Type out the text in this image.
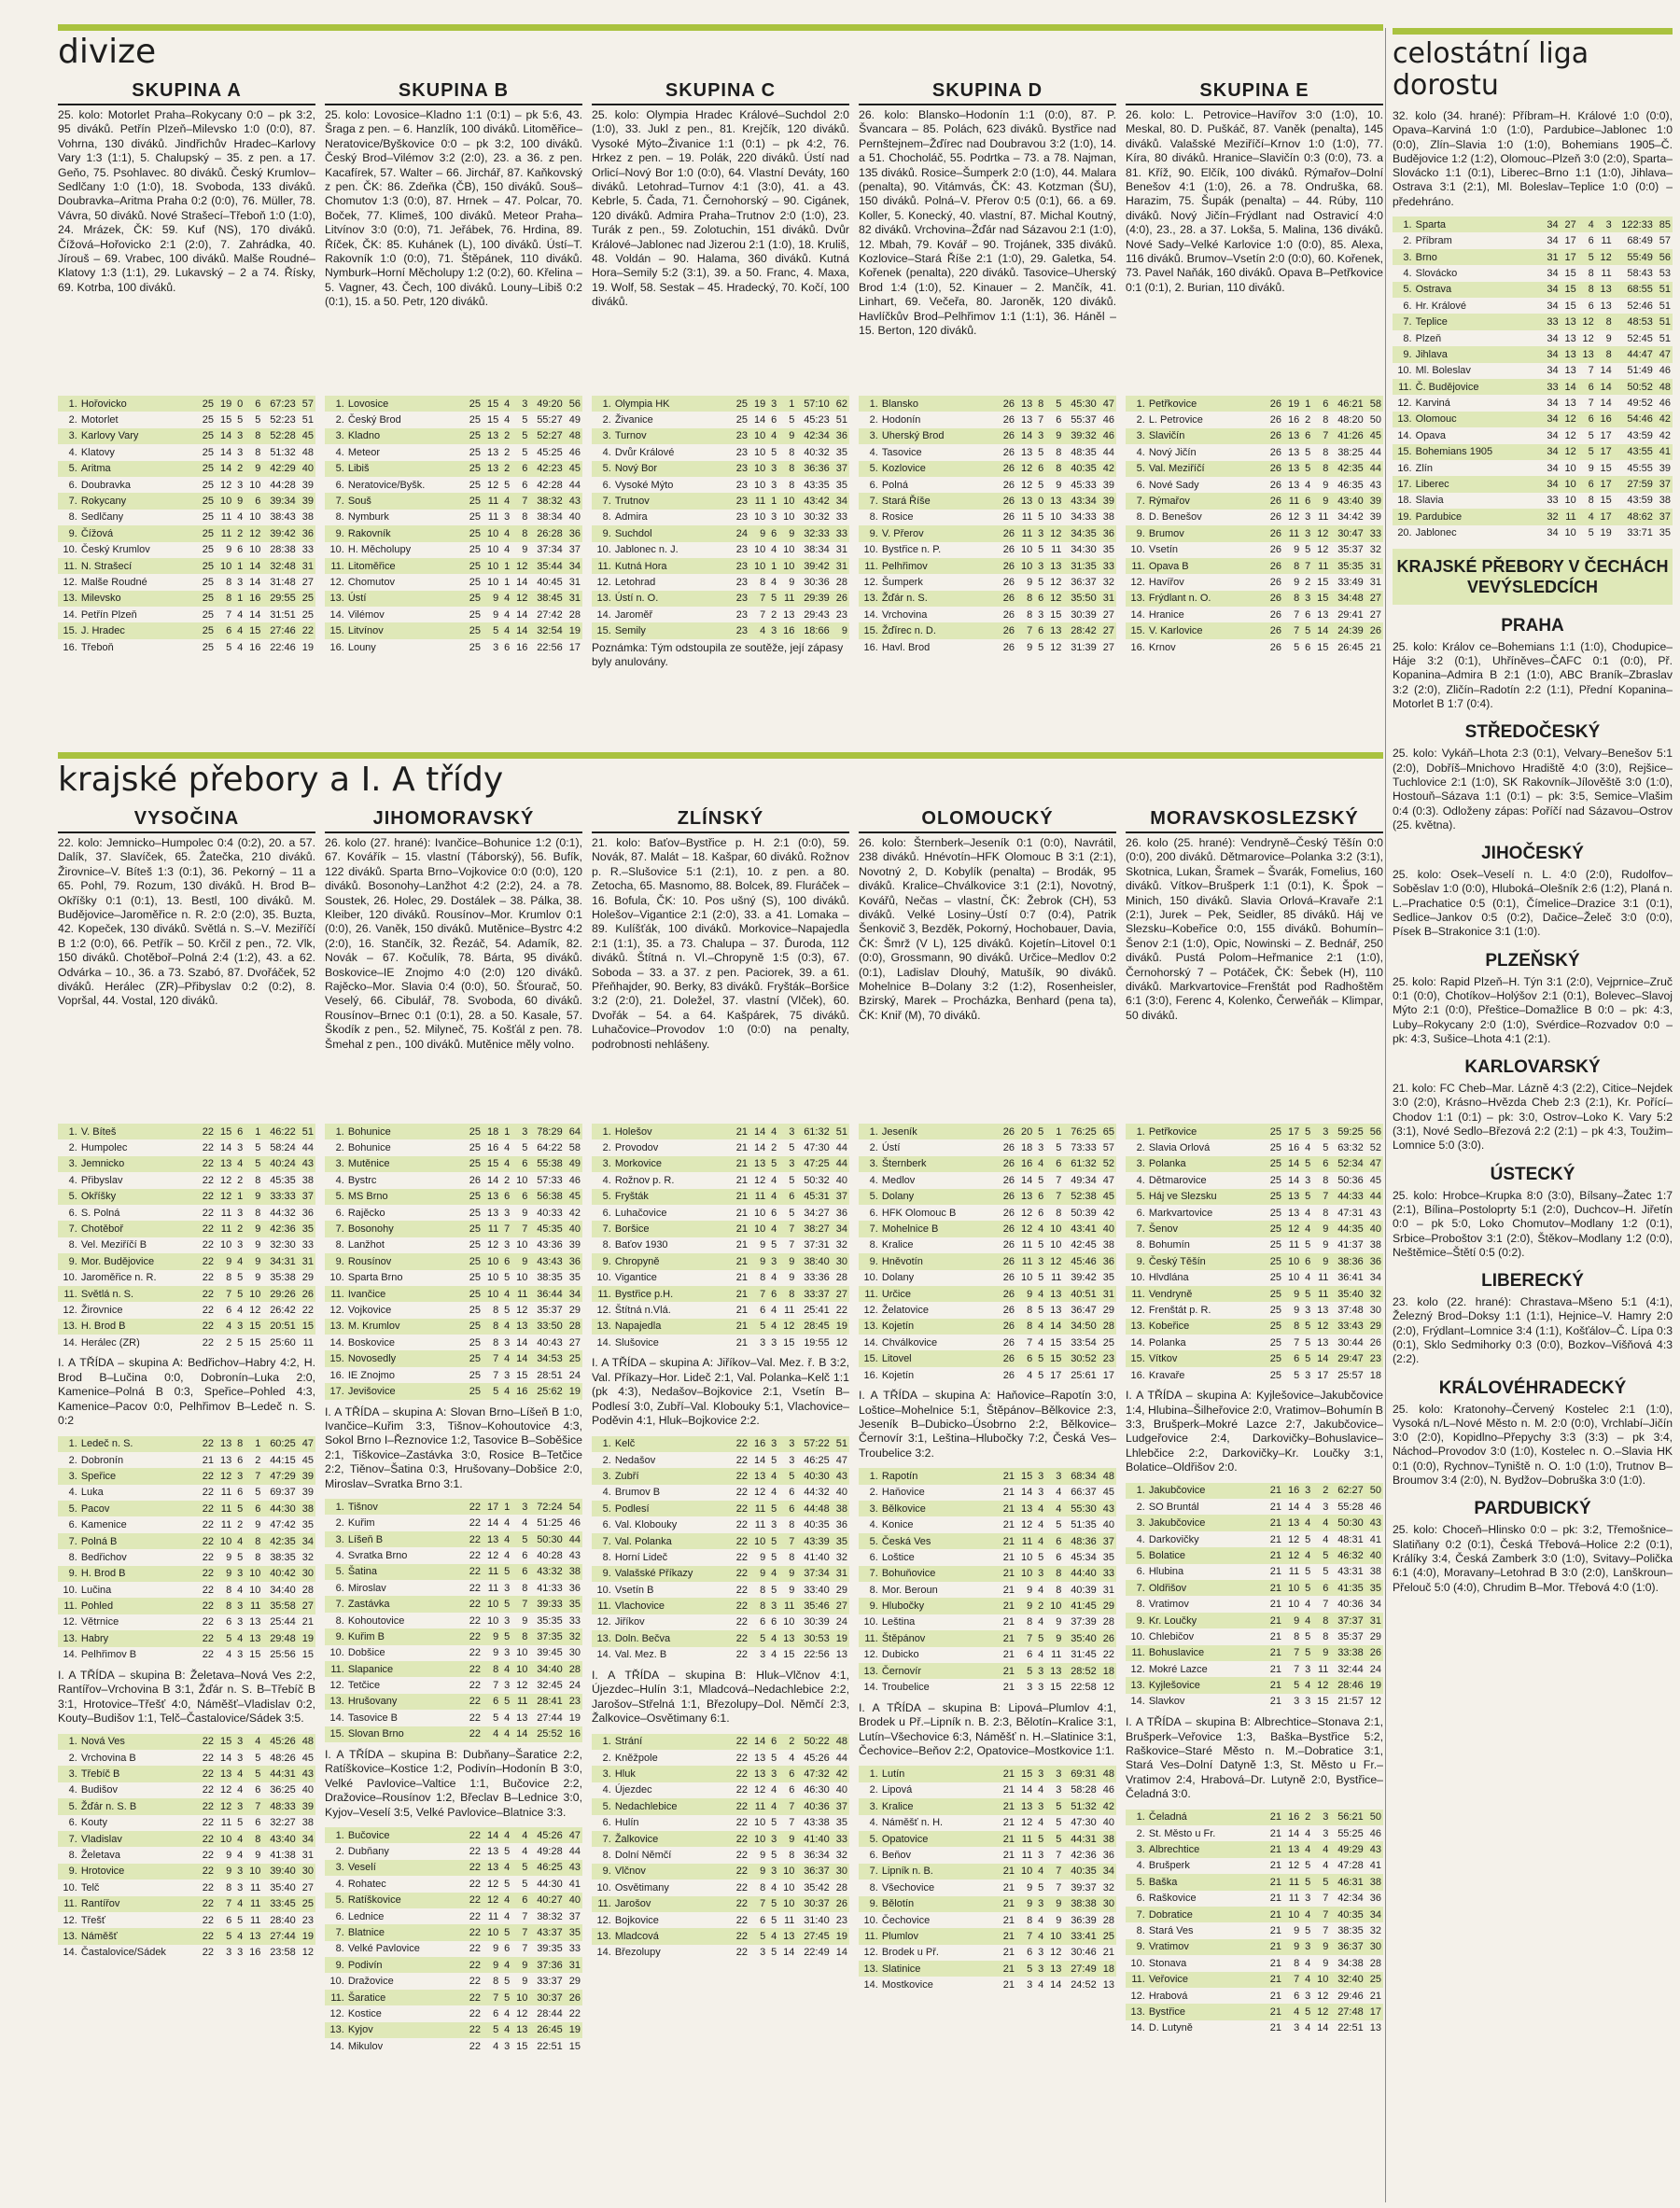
divize
SKUPINA A
25. kolo: Motorlet Praha–Rokycany 0:0 – pk 3:2, 95 diváků. Petřín Plzeň–Milevsko 1:0 (0:0), 87. Vohrna, 130 diváků. Jindřichův Hradec–Karlovy Vary 1:3 (1:1), 5. Chalupský – 35. z pen. a 17. Geňo, 75. Psohlavec. 80 diváků. Český Krumlov–Sedlčany 1:0 (1:0), 18. Svoboda, 133 diváků. Doubravka–Aritma Praha 0:2 (0:0), 76. Müller, 78. Vávra, 50 diváků. Nové Strašecí–Třeboň 1:0 (1:0), 24. Mrázek, ČK: 59. Kuf (NS), 170 diváků. Čížová–Hořovicko 2:1 (2:0), 7. Zahrádka, 40. Jírouš – 69. Vrabec, 100 diváků. Malše Roudné–Klatovy 1:3 (1:1), 29. Lukavský – 2 a 74. Řísky, 69. Kotrba, 100 diváků.
1.	Hořovicko	25	19	0	6	67:23	57
2.	Motorlet	25	15	5	5	52:23	51
3.	Karlovy Vary	25	14	3	8	52:28	45
4.	Klatovy	25	14	3	8	51:32	48
5.	Aritma	25	14	2	9	42:29	40
6.	Doubravka	25	12	3	10	44:28	39
7.	Rokycany	25	10	9	6	39:34	39
8.	Sedlčany	25	11	4	10	38:43	38
9.	Čížová	25	11	2	12	39:42	36
10.	Český Krumlov	25	9	6	10	28:38	33
11.	N. Strašecí	25	10	1	14	32:48	31
12.	Malše Roudné	25	8	3	14	31:48	27
13.	Milevsko	25	8	1	16	29:55	25
14.	Petřín Plzeň	25	7	4	14	31:51	25
15.	J. Hradec	25	6	4	15	27:46	22
16.	Třeboň	25	5	4	16	22:46	19
SKUPINA B
25. kolo: Lovosice–Kladno 1:1 (0:1) – pk 5:6, 43. Šraga z pen. – 6. Hanzlík, 100 diváků. Litoměřice–Neratovice/Byškovice 0:0 – pk 3:2, 100 diváků. Český Brod–Vilémov 3:2 (2:0), 23. a 36. z pen. Kacafírek, 57. Walter – 66. Jirchář, 87. Kaňkovský z pen. ČK: 86. Zdeňka (ČB), 150 diváků. Souš–Chomutov 1:3 (0:0), 87. Hrnek – 47. Polcar, 70. Boček, 77. Klimeš, 100 diváků. Meteor Praha–Litvínov 3:0 (0:0), 71. Jeřábek, 76. Hrdina, 89. Říček, ČK: 85. Kuhánek (L), 100 diváků. Ústí–T. Rakovník 1:0 (0:0), 71. Štěpánek, 110 diváků. Nymburk–Horní Měcholupy 1:2 (0:2), 60. Křelina – 5. Vagner, 43. Čech, 100 diváků. Louny–Libiš 0:2 (0:1), 15. a 50. Petr, 120 diváků.
1.	Lovosice	25	15	4	3	49:20	56
2.	Český Brod	25	15	4	5	55:27	49
3.	Kladno	25	13	2	5	52:27	48
4.	Meteor	25	13	2	5	45:25	46
5.	Libiš	25	13	2	6	42:23	45
6.	Neratovice/Byšk.	25	12	5	6	42:28	44
7.	Souš	25	11	4	7	38:32	43
8.	Nymburk	25	11	3	8	38:34	40
9.	Rakovník	25	10	4	8	26:28	36
10.	H. Měcholupy	25	10	4	9	37:34	37
11.	Litoměřice	25	10	1	12	35:44	34
12.	Chomutov	25	10	1	14	40:45	31
13.	Ústí	25	9	4	12	38:45	31
14.	Vilémov	25	9	4	14	27:42	28
15.	Litvínov	25	5	4	14	32:54	19
16.	Louny	25	3	6	16	22:56	17
SKUPINA C
25. kolo: Olympia Hradec Králové–Suchdol 2:0 (1:0), 33. Jukl z pen., 81. Krejčík, 120 diváků. Vysoké Mýto–Živanice 1:1 (0:1) – pk 4:2, 76. Hrkez z pen. – 19. Polák, 220 diváků. Ústí nad Orlicí–Nový Bor 1:0 (0:0), 64. Vlastní Deváty, 160 diváků. Letohrad–Turnov 4:1 (3:0), 41. a 43. Kebrle, 5. Čada, 71. Černohorský – 90. Cigánek, 120 diváků. Admira Praha–Trutnov 2:0 (1:0), 23. Turák z pen., 59. Zolotuchin, 151 diváků. Dvůr Králové–Jablonec nad Jizerou 2:1 (1:0), 18. Kruliš, 48. Voldán – 90. Halama, 360 diváků. Kutná Hora–Semily 5:2 (3:1), 39. a 50. Franc, 4. Maxa, 19. Wolf, 58. Sestak – 45. Hradecký, 70. Kočí, 100 diváků.
1.	Olympia HK	25	19	3	1	57:10	62
2.	Živanice	25	14	6	5	45:23	51
3.	Turnov	23	10	4	9	42:34	36
4.	Dvůr Králové	23	10	5	8	40:32	35
5.	Nový Bor	23	10	3	8	36:36	37
6.	Vysoké Mýto	23	10	3	8	43:35	35
7.	Trutnov	23	11	1	10	43:42	34
8.	Admira	23	10	3	10	30:32	33
9.	Suchdol	24	9	6	9	32:33	33
10.	Jablonec n. J.	23	10	4	10	38:34	31
11.	Kutná Hora	23	10	1	10	39:42	31
12.	Letohrad	23	8	4	9	30:36	28
13.	Ústí n. O.	23	7	5	11	29:39	26
14.	Jaroměř	23	7	2	13	29:43	23
15.	Semily	23	4	3	16	18:66	9
Poznámka: Tým odstoupila ze soutěže, její zápasy byly anulovány.
SKUPINA D
26. kolo: Blansko–Hodonín 1:1 (0:0), 87. P. Švancara – 85. Polách, 623 diváků. Bystřice nad Pernštejnem–Žďírec nad Doubravou 3:2 (1:0), 14. a 51. Chocholáč, 55. Podrtka – 73. a 78. Najman, 135 diváků. Rosice–Šumperk 2:0 (1:0), 44. Malara (penalta), 90. Vitámvás, ČK: 43. Kotzman (ŠU), 150 diváků. Polná–V. Přerov 0:5 (0:1), 66. a 69. Koller, 5. Konecký, 40. vlastní, 87. Michal Koutný, 82 diváků. Vrchovina–Žďár nad Sázavou 2:1 (1:0), 12. Mbah, 79. Kovář – 90. Trojánek, 335 diváků. Kozlovice–Stará Říše 2:1 (1:0), 29. Galetka, 54. Kořenek (penalta), 220 diváků. Tasovice–Uherský Brod 1:4 (1:0), 52. Kinauer – 2. Mančík, 41. Linhart, 69. Večeřa, 80. Jaroněk, 120 diváků. Havlíčkův Brod–Pelhřimov 1:1 (1:1), 36. Háněl – 15. Berton, 120 diváků.
1.	Blansko	26	13	8	5	45:30	47
2.	Hodonín	26	13	7	6	55:37	46
3.	Uherský Brod	26	14	3	9	39:32	46
4.	Tasovice	26	13	5	8	48:35	44
5.	Kozlovice	26	12	6	8	40:35	42
6.	Polná	26	12	5	9	45:33	39
7.	Stará Říše	26	13	0	13	43:34	39
8.	Rosice	26	11	5	10	34:33	38
9.	V. Přerov	26	11	3	12	34:35	36
10.	Bystřice n. P.	26	10	5	11	34:30	35
11.	Pelhřimov	26	10	3	13	31:35	33
12.	Šumperk	26	9	5	12	36:37	32
13.	Žďár n. S.	26	8	6	12	35:50	31
14.	Vrchovina	26	8	3	15	30:39	27
15.	Žďírec n. D.	26	7	6	13	28:42	27
16.	Havl. Brod	26	9	5	12	31:39	27
SKUPINA E
26. kolo: L. Petrovice–Havířov 3:0 (1:0), 10. Meskal, 80. D. Puškáč, 87. Vaněk (penalta), 145 diváků. Valašské Meziříčí–Krnov 1:0 (1:0), 77. Kíra, 80 diváků. Hranice–Slavičín 0:3 (0:0), 73. a 81. Kříž, 90. Elčík, 100 diváků. Rýmařov–Dolní Benešov 4:1 (1:0), 26. a 78. Ondruška, 68. Harazim, 75. Šupák (penalta) – 44. Rúby, 110 diváků. Nový Jičín–Frýdlant nad Ostravicí 4:0 (4:0), 23., 28. a 37. Lokša, 5. Malina, 136 diváků. Nové Sady–Velké Karlovice 1:0 (0:0), 85. Alexa, 116 diváků. Brumov–Vsetín 2:0 (0:0), 60. Kořenek, 73. Pavel Naňák, 160 diváků. Opava B–Petřkovice 0:1 (0:1), 2. Burian, 110 diváků.
1.	Petřkovice	26	19	1	6	46:21	58
2.	L. Petrovice	26	16	2	8	48:20	50
3.	Slavičín	26	13	6	7	41:26	45
4.	Nový Jičín	26	13	5	8	38:25	44
5.	Val. Meziříčí	26	13	5	8	42:35	44
6.	Nové Sady	26	13	4	9	46:35	43
7.	Rýmařov	26	11	6	9	43:40	39
8.	D. Benešov	26	12	3	11	34:42	39
9.	Brumov	26	11	3	12	30:47	33
10.	Vsetín	26	9	5	12	35:37	32
11.	Opava B	26	8	7	11	35:35	31
12.	Havířov	26	9	2	15	33:49	31
13.	Frýdlant n. O.	26	8	3	15	34:48	27
14.	Hranice	26	7	6	13	29:41	27
15.	V. Karlovice	26	7	5	14	24:39	26
16.	Krnov	26	5	6	15	26:45	21
krajské přebory a I. A třídy
VYSOČINA
22. kolo: Jemnicko–Humpolec 0:4 (0:2), 20. a 57. Dalík, 37. Slavíček, 65. Žatečka, 210 diváků. Žirovnice–V. Bíteš 1:3 (0:1), 36. Pekorný – 11 a 65. Pohl, 79. Rozum, 130 diváků. H. Brod B–Okříšky 0:1 (0:1), 13. Bestl, 100 diváků. M. Budějovice–Jaroměřice n. R. 2:0 (2:0), 35. Buzta, 42. Kopeček, 130 diváků. Světlá n. S.–V. Meziříčí B 1:2 (0:0), 66. Petřík – 50. Krčil z pen., 72. Vlk, 150 diváků. Chotěboř–Polná 2:4 (1:2), 43. a 62. Odvárka – 10., 36. a 73. Szabó, 87. Dvořáček, 52 diváků. Herálec (ZR)–Přibyslav 0:2 (0:2), 8. Vopršal, 44. Vostal, 120 diváků.
1.	V. Bíteš	22	15	6	1	46:22	51
2.	Humpolec	22	14	3	5	58:24	44
3.	Jemnicko	22	13	4	5	40:24	43
4.	Přibyslav	22	12	2	8	45:35	38
5.	Okříšky	22	12	1	9	33:33	37
6.	S. Polná	22	11	3	8	44:32	36
7.	Chotěboř	22	11	2	9	42:36	35
8.	Vel. Meziříčí B	22	10	3	9	32:30	33
9.	Mor. Budějovice	22	9	4	9	34:31	31
10.	Jaroměřice n. R.	22	8	5	9	35:38	29
11.	Světlá n. S.	22	7	5	10	29:26	26
12.	Žirovnice	22	6	4	12	26:42	22
13.	H. Brod B	22	4	3	15	20:51	15
14.	Herálec (ZR)	22	2	5	15	25:60	11
I. A TŘÍDA – skupina A: Bedřichov–Habry 4:2, H. Brod B–Lučina 0:0, Dobronín–Luka 2:0, Kamenice–Polná B 0:3, Speřice–Pohled 4:3, Kamenice–Pacov 0:0, Pelhřimov B–Ledeč n. S. 0:2
1.	Ledeč n. S.	22	13	8	1	60:25	47
2.	Dobronín	21	13	6	2	44:15	45
3.	Speřice	22	12	3	7	47:29	39
4.	Luka	22	11	6	5	69:37	39
5.	Pacov	22	11	5	6	44:30	38
6.	Kamenice	22	11	2	9	47:42	35
7.	Polná B	22	10	4	8	42:35	34
8.	Bedřichov	22	9	5	8	38:35	32
9.	H. Brod B	22	9	3	10	40:42	30
10.	Lučina	22	8	4	10	34:40	28
11.	Pohled	22	8	3	11	35:58	27
12.	Větrnice	22	6	3	13	25:44	21
13.	Habry	22	5	4	13	29:48	19
14.	Pelhřimov B	22	4	3	15	25:56	15
I. A TŘÍDA – skupina B: Želetava–Nová Ves 2:2, Rantířov–Vrchovina B 3:1, Žďár n. S. B–Třebíč B 3:1, Hrotovice–Třešť 4:0, Náměšť–Vladislav 0:2, Kouty–Budišov 1:1, Telč–Častalovice/Sádek 3:5.
1.	Nová Ves	22	15	3	4	45:26	48
2.	Vrchovina B	22	14	3	5	48:26	45
3.	Třebíč B	22	13	4	5	44:31	43
4.	Budišov	22	12	4	6	36:25	40
5.	Žďár n. S. B	22	12	3	7	48:33	39
6.	Kouty	22	11	5	6	32:27	38
7.	Vladislav	22	10	4	8	43:40	34
8.	Želetava	22	9	4	9	41:38	31
9.	Hrotovice	22	9	3	10	39:40	30
10.	Telč	22	8	3	11	35:40	27
11.	Rantířov	22	7	4	11	33:45	25
12.	Třešť	22	6	5	11	28:40	23
13.	Náměšť	22	5	4	13	27:44	19
14.	Častalovice/Sádek	22	3	3	16	23:58	12
JIHOMORAVSKÝ
26. kolo (27. hrané): Ivančice–Bohunice 1:2 (0:1), 67. Kovářík – 15. vlastní (Táborský), 56. Bufík, 122 diváků. Sparta Brno–Vojkovice 0:0 (0:0), 120 diváků. Bosonohy–Lanžhot 4:2 (2:2), 24. a 78. Soustek, 26. Holec, 29. Dostálek – 38. Pálka, 38. Kleiber, 120 diváků. Rousínov–Mor. Krumlov 0:1 (0:0), 26. Vaněk, 150 diváků. Mutěnice–Bystrc 4:2 (2:0), 16. Stančík, 32. Řezáč, 54. Adamík, 82. Novák – 67. Kočulík, 78. Bárta, 95 diváků. Boskovice–IE Znojmo 4:0 (2:0) 120 diváků. Rajěcko–Mor. Slavia 0:4 (0:0), 50. Šťourač, 50. Veselý, 66. Cibulář, 78. Svoboda, 60 diváků. Rousínov–Brnec 0:1 (0:1), 28. a 50. Kasale, 57. Škodík z pen., 52. Milyneč, 75. Košťál z pen. 78. Šmehal z pen., 100 diváků. Mutěnice měly volno.
1.	Bohunice	25	18	1	3	78:29	64
2.	Bohunice	25	16	4	5	64:22	58
3.	Mutěnice	25	15	4	6	55:38	49
4.	Bystrc	26	14	2	10	57:33	46
5.	MS Brno	25	13	6	6	56:38	45
6.	Rajěcko	25	13	3	9	40:33	42
7.	Bosonohy	25	11	7	7	45:35	40
8.	Lanžhot	25	12	3	10	43:36	39
9.	Rousínov	25	10	6	9	43:43	36
10.	Sparta Brno	25	10	5	10	38:35	35
11.	Ivančice	25	10	4	11	36:44	34
12.	Vojkovice	25	8	5	12	35:37	29
13.	M. Krumlov	25	8	4	13	33:50	28
14.	Boskovice	25	8	3	14	40:43	27
15.	Novosedly	25	7	4	14	34:53	25
16.	IE Znojmo	25	7	3	15	28:51	24
17.	Jevišovice	25	5	4	16	25:62	19
I. A TŘÍDA – skupina A: Slovan Brno–Líšeň B 1:0, Ivančice–Kuřim 3:3, Tišnov–Kohoutovice 4:3, Sokol Brno I–Řeznovice 1:2, Tasovice B–Soběšice 2:1, Tiškovice–Zastávka 3:0, Rosice B–Tetčice 2:2, Tiěnov–Šatina 0:3, Hrušovany–Dobšice 2:0, Miroslav–Svratka Brno 3:1.
1.	Tišnov	22	17	1	3	72:24	54
2.	Kuřim	22	14	4	4	51:25	46
3.	Líšeň B	22	13	4	5	50:30	44
4.	Svratka Brno	22	12	4	6	40:28	43
5.	Šatina	22	11	5	6	43:32	38
6.	Miroslav	22	11	3	8	41:33	36
7.	Zastávka	22	10	5	7	39:33	35
8.	Kohoutovice	22	10	3	9	35:35	33
9.	Kuřim B	22	9	5	8	37:35	32
10.	Dobšice	22	9	3	10	39:45	30
11.	Slapanice	22	8	4	10	34:40	28
12.	Tetčice	22	7	3	12	32:45	24
13.	Hrušovany	22	6	5	11	28:41	23
14.	Tasovice B	22	5	4	13	27:44	19
15.	Slovan Brno	22	4	4	14	25:52	16
I. A TŘÍDA – skupina B: Dubňany–Šaratice 2:2, Ratíškovice–Kostice 1:2, Podivín–Hodonín B 3:0, Velké Pavlovice–Valtice 1:1, Bučovice 2:2, Dražovice–Rousínov 1:2, Břeclav B–Lednice 3:0, Kyjov–Veselí 3:5, Velké Pavlovice–Blatnice 3:3.
1.	Bučovice	22	14	4	4	45:26	47
2.	Dubňany	22	13	5	4	49:28	44
3.	Veselí	22	13	4	5	46:25	43
4.	Rohatec	22	12	5	5	44:30	41
5.	Ratíškovice	22	12	4	6	40:27	40
6.	Lednice	22	11	4	7	38:32	37
7.	Blatnice	22	10	5	7	43:37	35
8.	Velké Pavlovice	22	9	6	7	39:35	33
9.	Podivín	22	9	4	9	37:36	31
10.	Dražovice	22	8	5	9	33:37	29
11.	Šaratice	22	7	5	10	30:37	26
12.	Kostice	22	6	4	12	28:44	22
13.	Kyjov	22	5	4	13	26:45	19
14.	Mikulov	22	4	3	15	22:51	15
ZLÍNSKÝ
21. kolo: Baťov–Bystřice p. H. 2:1 (0:0), 59. Novák, 87. Malát – 18. Kašpar, 60 diváků. Rožnov p. R.–Slušovice 5:1 (2:1), 10. z pen. a 80. Zetocha, 65. Masnomo, 88. Bolcek, 89. Fluráček – 16. Bofula, ČK: 10. Pos ušný (S), 100 diváků. Holešov–Vigantice 2:1 (2:0), 33. a 41. Lomaka – 89. Kulíšťák, 100 diváků. Morkovice–Napajedla 2:1 (1:1), 35. a 73. Chalupa – 37. Ďuroda, 112 diváků. Štítná n. Vl.–Chropyně 1:5 (0:3), 67. Soboda – 33. a 37. z pen. Paciorek, 39. a 61. Přeňhajder, 90. Berky, 83 diváků. Fryšták–Boršice 3:2 (2:0), 21. Doležel, 37. vlastní (Vlček), 60. Dvořák – 54. a 64. Kašpárek, 75 diváků. Luhačovice–Provodov 1:0 (0:0) na penalty, podrobnosti nehlášeny.
1.	Holešov	21	14	4	3	61:32	51
2.	Provodov	21	14	2	5	47:30	44
3.	Morkovice	21	13	5	3	47:25	44
4.	Rožnov p. R.	21	12	4	5	50:32	40
5.	Fryšták	21	11	4	6	45:31	37
6.	Luhačovice	21	10	6	5	34:27	36
7.	Boršice	21	10	4	7	38:27	34
8.	Baťov 1930	21	9	5	7	37:31	32
9.	Chropyně	21	9	3	9	38:40	30
10.	Vigantice	21	8	4	9	33:36	28
11.	Bystřice p.H.	21	7	6	8	33:37	27
12.	Štítná n.Vlá.	21	6	4	11	25:41	22
13.	Napajedla	21	5	4	12	28:45	19
14.	Slušovice	21	3	3	15	19:55	12
I. A TŘÍDA – skupina A: Jiříkov–Val. Mez. ř. B 3:2, Val. Příkazy–Hor. Lideč 2:1, Val. Polanka–Kelč 1:1 (pk 4:3), Nedašov–Bojkovice 2:1, Vsetín B–Podlesí 3:0, Zubří–Val. Klobouky 5:1, Vlachovice–Poděvin 4:1, Hluk–Bojkovice 2:2.
1.	Kelč	22	16	3	3	57:22	51
2.	Nedašov	22	14	5	3	46:25	47
3.	Zubří	22	13	4	5	40:30	43
4.	Brumov B	22	12	4	6	44:32	40
5.	Podlesí	22	11	5	6	44:48	38
6.	Val. Klobouky	22	11	3	8	40:35	36
7.	Val. Polanka	22	10	5	7	43:39	35
8.	Horní Lideč	22	9	5	8	41:40	32
9.	Valašské Příkazy	22	9	4	9	37:34	31
10.	Vsetín B	22	8	5	9	33:40	29
11.	Vlachovice	22	8	3	11	35:46	27
12.	Jiříkov	22	6	6	10	30:39	24
13.	Doln. Bečva	22	5	4	13	30:53	19
14.	Val. Mez. B	22	3	4	15	22:56	13
I. A TŘÍDA – skupina B: Hluk–Vlčnov 4:1, Újezdec–Hulín 3:1, Mladcová–Nedachlebice 2:2, Jarošov–Střelná 1:1, Březolupy–Dol. Němčí 2:3, Žalkovice–Osvětimany 6:1.
1.	Strání	22	14	6	2	50:22	48
2.	Kněžpole	22	13	5	4	45:26	44
3.	Hluk	22	13	3	6	47:32	42
4.	Újezdec	22	12	4	6	46:30	40
5.	Nedachlebice	22	11	4	7	40:36	37
6.	Hulín	22	10	5	7	43:38	35
7.	Žalkovice	22	10	3	9	41:40	33
8.	Dolní Němčí	22	9	5	8	36:34	32
9.	Vlčnov	22	9	3	10	36:37	30
10.	Osvětimany	22	8	4	10	35:42	28
11.	Jarošov	22	7	5	10	30:37	26
12.	Bojkovice	22	6	5	11	31:40	23
13.	Mladcová	22	5	4	13	27:45	19
14.	Březolupy	22	3	5	14	22:49	14
OLOMOUCKÝ
26. kolo: Šternberk–Jeseník 0:1 (0:0), Navrátil, 238 diváků. Hnévotín–HFK Olomouc B 3:1 (2:1), Novotný 2, D. Kobylík (penalta) – Brodák, 95 diváků. Kralice–Chválkovice 3:1 (2:1), Novotný, Kovářů, Nečas – vlastní, ČK: Žebrok (CH), 53 diváků. Velké Losiny–Ústí 0:7 (0:4), Patrik Šenkovič 3, Bezděk, Pokorný, Hochobauer, Davia, ČK: Šmrž (V L), 125 diváků. Kojetín–Litovel 0:1 (0:0), Grossmann, 90 diváků. Určice–Medlov 0:2 (0:1), Ladislav Dlouhý, Matušík, 90 diváků. Mohelnice B–Dolany 3:2 (1:2), Rosenheisler, Bzirský, Marek – Procházka, Benhard (pena ta), ČK: Kniř (M), 70 diváků.
1.	Jeseník	26	20	5	1	76:25	65
2.	Ústí	26	18	3	5	73:33	57
3.	Šternberk	26	16	4	6	61:32	52
4.	Medlov	26	14	5	7	49:34	47
5.	Dolany	26	13	6	7	52:38	45
6.	HFK Olomouc B	26	12	6	8	50:39	42
7.	Mohelnice B	26	12	4	10	43:41	40
8.	Kralice	26	11	5	10	42:45	38
9.	Hněvotín	26	11	3	12	45:46	36
10.	Dolany	26	10	5	11	39:42	35
11.	Určice	26	9	4	13	40:51	31
12.	Želatovice	26	8	5	13	36:47	29
13.	Kojetín	26	8	4	14	34:50	28
14.	Chválkovice	26	7	4	15	33:54	25
15.	Litovel	26	6	5	15	30:52	23
16.	Kojetín	26	4	5	17	25:61	17
I. A TŘÍDA – skupina A: Haňovice–Rapotín 3:0, Loštice–Mohelnice 5:1, Štěpánov–Bělkovice 2:3, Jeseník B–Dubicko–Úsobrno 2:2, Bělkovice–Černovír 3:1, Leština–Hlubočky 7:2, Česká Ves–Troubelice 3:2.
1.	Rapotín	21	15	3	3	68:34	48
2.	Haňovice	21	14	3	4	66:37	45
3.	Bělkovice	21	13	4	4	55:30	43
4.	Konice	21	12	4	5	51:35	40
5.	Česká Ves	21	11	4	6	48:36	37
6.	Loštice	21	10	5	6	45:34	35
7.	Bohuňovice	21	10	3	8	44:40	33
8.	Mor. Beroun	21	9	4	8	40:39	31
9.	Hlubočky	21	9	2	10	41:45	29
10.	Leština	21	8	4	9	37:39	28
11.	Štěpánov	21	7	5	9	35:40	26
12.	Dubicko	21	6	4	11	31:45	22
13.	Černovír	21	5	3	13	28:52	18
14.	Troubelice	21	3	3	15	22:58	12
I. A TŘÍDA – skupina B: Lipová–Plumlov 4:1, Brodek u Př.–Lipník n. B. 2:3, Bělotín–Kralice 3:1, Lutín–Všechovice 6:3, Náměšť n. H.–Slatinice 3:1, Čechovice–Beňov 2:2, Opatovice–Mostkovice 1:1.
1.	Lutín	21	15	3	3	69:31	48
2.	Lipová	21	14	4	3	58:28	46
3.	Kralice	21	13	3	5	51:32	42
4.	Náměšť n. H.	21	12	4	5	47:30	40
5.	Opatovice	21	11	5	5	44:31	38
6.	Beňov	21	11	3	7	42:36	36
7.	Lipník n. B.	21	10	4	7	40:35	34
8.	Všechovice	21	9	5	7	39:37	32
9.	Bělotín	21	9	3	9	38:38	30
10.	Čechovice	21	8	4	9	36:39	28
11.	Plumlov	21	7	4	10	33:41	25
12.	Brodek u Př.	21	6	3	12	30:46	21
13.	Slatinice	21	5	3	13	27:49	18
14.	Mostkovice	21	3	4	14	24:52	13
MORAVSKOSLEZSKÝ
26. kolo (25. hrané): Vendryně–Český Těšín 0:0 (0:0), 200 diváků. Dětmarovice–Polanka 3:2 (3:1), Skotnica, Lukan, Šramek – Švarák, Fomelius, 160 diváků. Vítkov–Brušperk 1:1 (0:1), K. Špok – Minich, 150 diváků. Slavia Orlová–Kravaře 2:1 (2:1), Jurek – Pek, Seidler, 85 diváků. Háj ve Slezsku–Kobeřice 0:0, 155 diváků. Bohumín–Šenov 2:1 (1:0), Opic, Nowinski – Z. Bednář, 250 diváků. Pustá Polom–Heřmanice 2:1 (1:0), Černohorský 7 – Potáček, ČK: Šebek (H), 110 diváků. Markvartovice–Frenštát pod Radhoštěm 6:1 (3:0), Ferenc 4, Kolenko, Čerweňák – Klimpar, 50 diváků.
1.	Petřkovice	25	17	5	3	59:25	56
2.	Slavia Orlová	25	16	4	5	63:32	52
3.	Polanka	25	14	5	6	52:34	47
4.	Dětmarovice	25	14	3	8	50:36	45
5.	Háj ve Slezsku	25	13	5	7	44:33	44
6.	Markvartovice	25	13	4	8	47:31	43
7.	Šenov	25	12	4	9	44:35	40
8.	Bohumín	25	11	5	9	41:37	38
9.	Český Těšín	25	10	6	9	38:36	36
10.	Hlvdlána	25	10	4	11	36:41	34
11.	Vendryně	25	9	5	11	35:40	32
12.	Frenštát p. R.	25	9	3	13	37:48	30
13.	Kobeřice	25	8	5	12	33:43	29
14.	Polanka	25	7	5	13	30:44	26
15.	Vítkov	25	6	5	14	29:47	23
16.	Kravaře	25	5	3	17	25:57	18
I. A TŘÍDA – skupina A: Kyjlešovice–Jakubčovice 1:4, Hlubina–Šilheřovice 2:0, Vratimov–Bohumín B 3:3, Brušperk–Mokré Lazce 2:7, Jakubčovice–Ludgeřovice 2:4, Darkovičky–Bohuslavice–Lhlebčice 2:2, Darkovičky–Kr. Loučky 3:1, Bolatice–Oldřišov 2:0.
1.	Jakubčovice	21	16	3	2	62:27	50
2.	SO Bruntál	21	14	4	3	55:28	46
3.	Jakubčovice	21	13	4	4	50:30	43
4.	Darkovičky	21	12	5	4	48:31	41
5.	Bolatice	21	12	4	5	46:32	40
6.	Hlubina	21	11	5	5	43:31	38
7.	Oldřišov	21	10	5	6	41:35	35
8.	Vratimov	21	10	4	7	40:36	34
9.	Kr. Loučky	21	9	4	8	37:37	31
10.	Chlebičov	21	8	5	8	35:37	29
11.	Bohuslavice	21	7	5	9	33:38	26
12.	Mokré Lazce	21	7	3	11	32:44	24
13.	Kyjlešovice	21	5	4	12	28:46	19
14.	Slavkov	21	3	3	15	21:57	12
I. A TŘÍDA – skupina B: Albrechtice–Stonava 2:1, Brušperk–Veřovice 1:3, Baška–Bystřice 5:2, Raškovice–Staré Město n. M.–Dobratice 3:1, Stará Ves–Dolní Datyně 1:3, St. Město u Fr.–Vratimov 2:4, Hrabová–Dr. Lutyně 2:0, Bystřice–Čeladná 3:0.
1.	Čeladná	21	16	2	3	56:21	50
2.	St. Město u Fr.	21	14	4	3	55:25	46
3.	Albrechtice	21	13	4	4	49:29	43
4.	Brušperk	21	12	5	4	47:28	41
5.	Baška	21	11	5	5	46:31	38
6.	Raškovice	21	11	3	7	42:34	36
7.	Dobratice	21	10	4	7	40:35	34
8.	Stará Ves	21	9	5	7	38:35	32
9.	Vratimov	21	9	3	9	36:37	30
10.	Stonava	21	8	4	9	34:38	28
11.	Veřovice	21	7	4	10	32:40	25
12.	Hrabová	21	6	3	12	29:46	21
13.	Bystřice	21	4	5	12	27:48	17
14.	D. Lutyně	21	3	4	14	22:51	13
celostátní liga dorostu
32. kolo (34. hrané): Příbram–H. Králové 1:0 (0:0), Opava–Karviná 1:0 (1:0), Pardubice–Jablonec 1:0 (0:0), Zlín–Slavia 1:0 (1:0), Bohemians 1905–Č. Budějovice 1:2 (1:2), Olomouc–Plzeň 3:0 (2:0), Sparta–Slovácko 1:1 (0:1), Liberec–Brno 1:1 (1:0), Jihlava–Ostrava 3:1 (2:1), Ml. Boleslav–Teplice 1:0 (0:0) – předehráno.
1.	Sparta	34	27	4	3	122:33	85
2.	Příbram	34	17	6	11	68:49	57
3.	Brno	31	17	5	12	55:49	56
4.	Slovácko	34	15	8	11	58:43	53
5.	Ostrava	34	15	8	13	68:55	51
6.	Hr. Králové	34	15	6	13	52:46	51
7.	Teplice	33	13	12	8	48:53	51
8.	Plzeň	34	13	12	9	52:45	51
9.	Jihlava	34	13	13	8	44:47	47
10.	Ml. Boleslav	34	13	7	14	51:49	46
11.	Č. Budějovice	33	14	6	14	50:52	48
12.	Karviná	34	13	7	14	49:52	46
13.	Olomouc	34	12	6	16	54:46	42
14.	Opava	34	12	5	17	43:59	42
15.	Bohemians 1905	34	12	5	17	43:55	41
16.	Zlín	34	10	9	15	45:55	39
17.	Liberec	34	10	6	17	27:59	37
18.	Slavia	33	10	8	15	43:59	38
19.	Pardubice	32	11	4	17	48:62	37
20.	Jablonec	34	10	5	19	33:71	35
KRAJSKÉ PŘEBORY V ČECHÁCH VEVÝSLEDCÍCH
PRAHA
25. kolo: Králov ce–Bohemians 1:1 (1:0), Chodupice–Háje 3:2 (0:1), Uhříněves–ČAFC 0:1 (0:0), Př. Kopanina–Admira B 2:1 (1:0), ABC Braník–Zbraslav 3:2 (2:0), Zličín–Radotín 2:2 (1:1), Přední Kopanina–Motorlet B 1:7 (0:4).
STŘEDOČESKÝ
25. kolo: Vykáň–Lhota 2:3 (0:1), Velvary–Benešov 5:1 (2:0), Dobříš–Mnichovo Hradiště 4:0 (3:0), Rejšice–Tuchlovice 2:1 (1:0), SK Rakovník–Jílověště 3:0 (1:0), Hostouň–Sázava 1:1 (0:1) – pk: 3:5, Semice–Vlašim 0:4 (0:3). Odloženy zápas: Poříčí nad Sázavou–Ostrov (25. května).
JIHOČESKÝ
25. kolo: Osek–Veselí n. L. 4:0 (2:0), Rudolfov–Soběslav 1:0 (0:0), Hluboká–Olešník 2:6 (1:2), Planá n. L.–Prachatice 0:5 (0:1), Čímelice–Drazice 3:1 (0:1), Sedlice–Jankov 0:5 (0:2), Dačice–Želeč 3:0 (0:0), Písek B–Strakonice 3:1 (1:0).
PLZEŇSKÝ
25. kolo: Rapid Plzeň–H. Týn 3:1 (2:0), Vejprnice–Zruč 0:1 (0:0), Chotíkov–Holýšov 2:1 (0:1), Bolevec–Slavoj Mýto 2:1 (0:0), Přeštice–Domažlice B 0:0 – pk: 4:3, Luby–Rokycany 2:0 (1:0), Svérdice–Rozvadov 0:0 – pk: 4:3, Sušice–Lhota 4:1 (2:1).
KARLOVARSKÝ
21. kolo: FC Cheb–Mar. Lázně 4:3 (2:2), Citice–Nejdek 3:0 (2:0), Krásno–Hvězda Cheb 2:3 (2:1), Kr. Pořící–Chodov 1:1 (0:1) – pk: 3:0, Ostrov–Loko K. Vary 5:2 (3:1), Nové Sedlo–Březová 2:2 (2:1) – pk 4:3, Toužim–Lomnice 5:0 (3:0).
ÚSTECKÝ
25. kolo: Hrobce–Krupka 8:0 (3:0), Bílsany–Žatec 1:7 (2:1), Bílina–Postoloprty 5:1 (2:0), Duchcov–H. Jiřetín 0:0 – pk 5:0, Loko Chomutov–Modlany 1:2 (0:1), Srbice–Proboštov 3:1 (2:0), Štěkov–Modlany 1:2 (0:0), Neštěmice–Štětí 0:5 (0:2).
LIBERECKÝ
23. kolo (22. hrané): Chrastava–Mšeno 5:1 (4:1), Železný Brod–Doksy 1:1 (1:1), Hejnice–V. Hamry 2:0 (2:0), Frýdlant–Lomnice 3:4 (1:1), Košťálov–Č. Lípa 0:3 (0:1), Sklo Sedmihorky 0:3 (0:0), Bozkov–Višňová 4:3 (2:2).
KRÁLOVÉHRADECKÝ
25. kolo: Kratonohy–Červený Kostelec 2:1 (1:0), Vysoká n/L–Nové Město n. M. 2:0 (0:0), Vrchlabí–Jičín 3:0 (2:0), Kopidlno–Přepychy 3:3 (3:3) – pk 3:4, Náchod–Provodov 3:0 (1:0), Kostelec n. O.–Slavia HK 0:1 (0:0), Rychnov–Tyniště n. O. 1:0 (1:0), Trutnov B–Broumov 3:4 (2:0), N. Bydžov–Dobruška 3:0 (1:0).
PARDUBICKÝ
25. kolo: Choceň–Hlinsko 0:0 – pk: 3:2, Třemošnice–Slatiňany 0:2 (0:1), Česká Třebová–Holice 2:2 (0:1), Králíky 3:4, Česká Zamberk 3:0 (1:0), Svitavy–Polička 6:1 (4:0), Moravany–Letohrad B 3:0 (2:0), Lanškroun–Přelouč 5:0 (4:0), Chrudim B–Mor. Třebová 4:0 (1:0).
